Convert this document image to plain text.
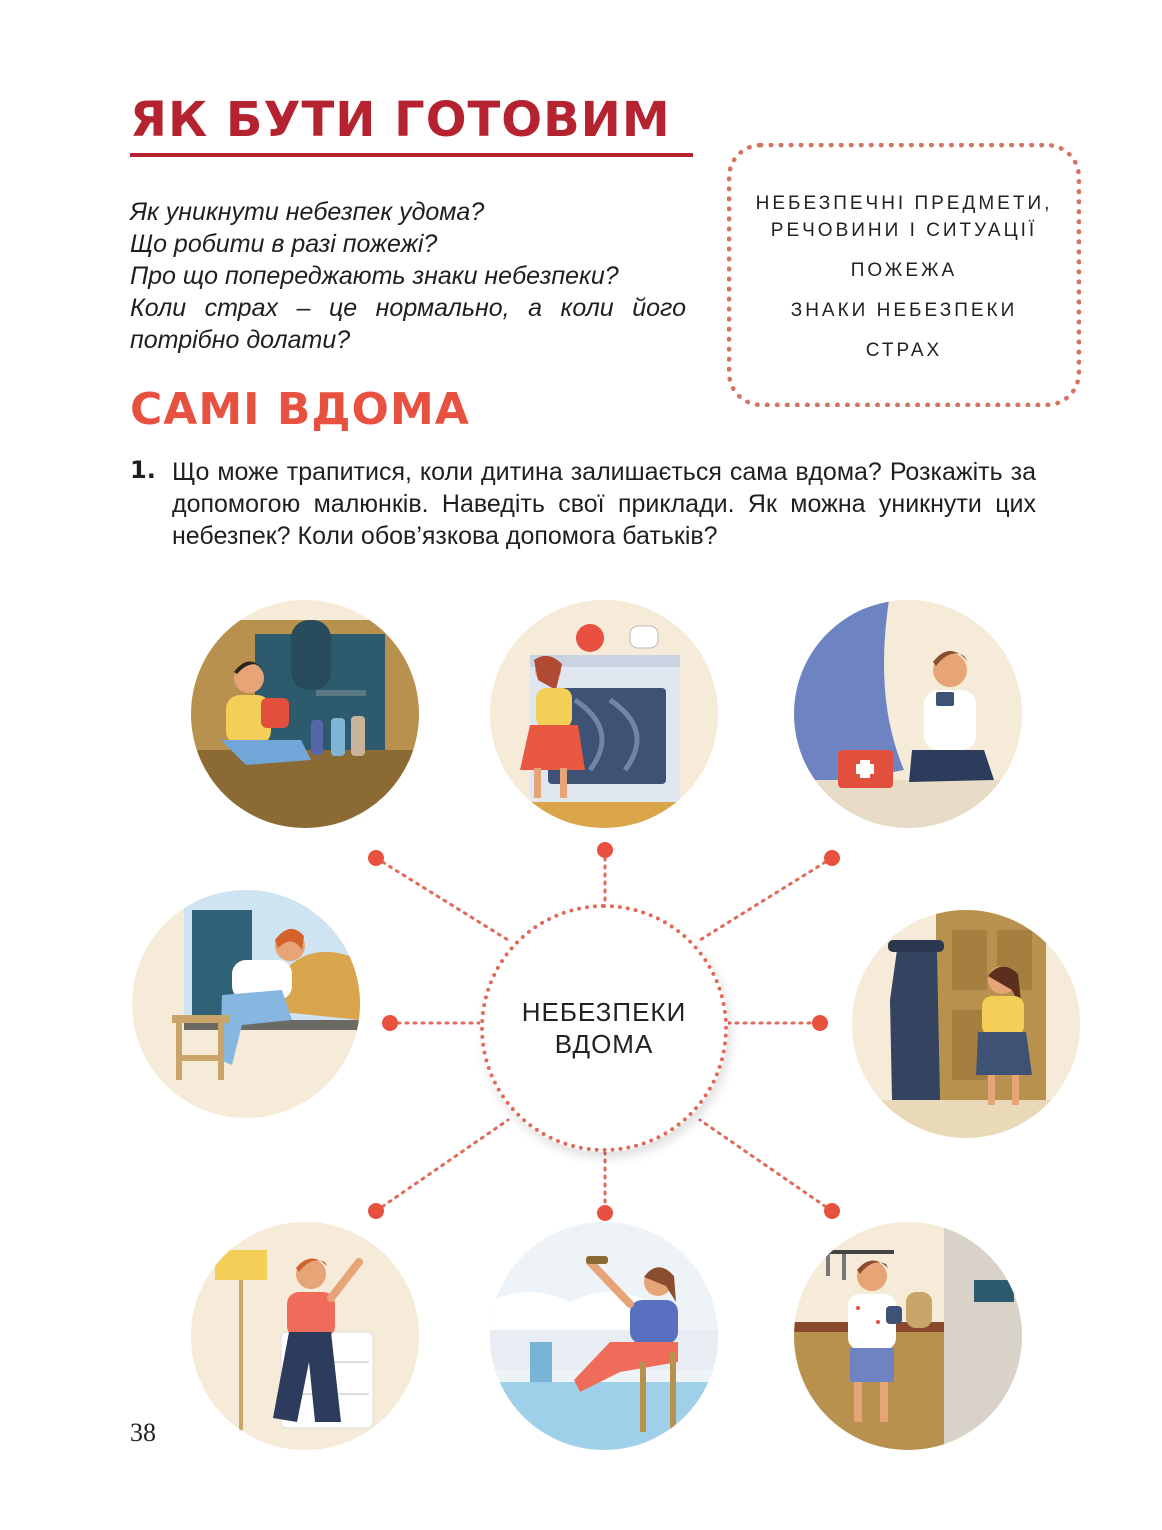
ЯК БУТИ ГОТОВИМ
Як уникнути небезпек удома?
Що робити в разі пожежі?
Про що попереджають знаки небезпеки?
Коли страх – це нормально, а коли його потрібно долати?
НЕБЕЗПЕЧНІ ПРЕДМЕТИ, РЕЧОВИНИ І СИТУАЦІЇ
ПОЖЕЖА
ЗНАКИ НЕБЕЗПЕКИ
СТРАХ
САМІ ВДОМА
1. Що може трапитися, коли дитина залишається сама вдома? Розкажіть за допомогою малюнків. Наведіть свої приклади. Як можна уникнути цих небезпек? Коли обов’язкова допомога батьків?
НЕБЕЗПЕКИ
ВДОМА
38
